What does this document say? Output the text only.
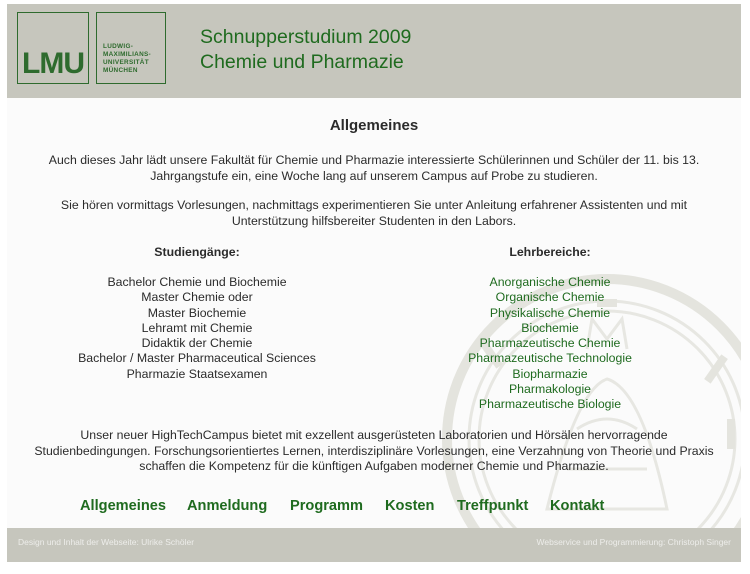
LMU
LUDWIG-
MAXIMILIANS-
UNIVERSITÄT
MÜNCHEN
Schnupperstudium 2009
Chemie und Pharmazie
Allgemeines
Auch dieses Jahr lädt unsere Fakultät für Chemie und Pharmazie interessierte Schülerinnen und Schüler der 11. bis 13. Jahrgangstufe ein, eine Woche lang auf unserem Campus auf Probe zu studieren.
Sie hören vormittags Vorlesungen, nachmittags experimentieren Sie unter Anleitung erfahrener Assistenten und mit Unterstützung hilfsbereiter Studenten in den Labors.
Studiengänge:	Lehrbereiche:
Bachelor Chemie und Biochemie
Master Chemie oder
Master Biochemie
Lehramt mit Chemie
Didaktik der Chemie
Bachelor / Master Pharmaceutical Sciences
Pharmazie Staatsexamen
Anorganische Chemie
Organische Chemie
Physikalische Chemie
Biochemie
Pharmazeutische Chemie
Pharmazeutische Technologie
Biopharmazie
Pharmakologie
Pharmazeutische Biologie
Unser neuer HighTechCampus bietet mit exzellent ausgerüsteten Laboratorien und Hörsälen hervorragende Studienbedingungen. Forschungsorientiertes Lernen, interdisziplinäre Vorlesungen, eine Verzahnung von Theorie und Praxis schaffen die Kompetenz für die künftigen Aufgaben moderner Chemie und Pharmazie.
Allgemeines Anmeldung Programm Kosten Treffpunkt Kontakt
Design und Inhalt der Webseite: Ulrike Schöler	Webservice und Programmierung: Christoph Singer
